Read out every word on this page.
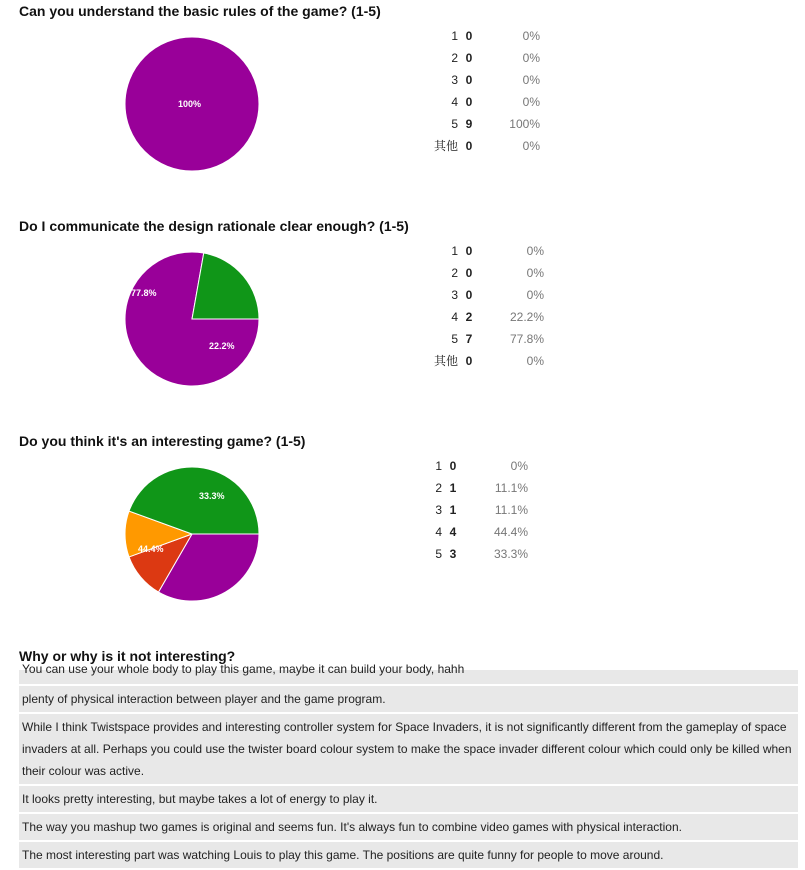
Can you understand the basic rules of the game? (1-5)
100%
1	0	0%
2	0	0%
3	0	0%
4	0	0%
5	9	100%
其他	0	0%
Do I communicate the design rationale clear enough? (1-5)
77.8%
22.2%
1	0	0%
2	0	0%
3	0	0%
4	2	22.2%
5	7	77.8%
其他	0	0%
Do you think it's an interesting game? (1-5)
33.3%
44.4%
1	0	0%
2	1	11.1%
3	1	11.1%
4	4	44.4%
5	3	33.3%
Why or why is it not interesting?
You can use your whole body to play this game, maybe it can build your body, hahh
plenty of physical interaction between player and the game program.
While I think Twistspace provides and interesting controller system for Space Invaders, it is not significantly different from the gameplay of space invaders at all. Perhaps you could use the twister board colour system to make the space invader different colour which could only be killed when their colour was active.
It looks pretty interesting, but maybe takes a lot of energy to play it.
The way you mashup two games is original and seems fun. It's always fun to combine video games with physical interaction.
The most interesting part was watching Louis to play this game. The positions are quite funny for people to move around.
